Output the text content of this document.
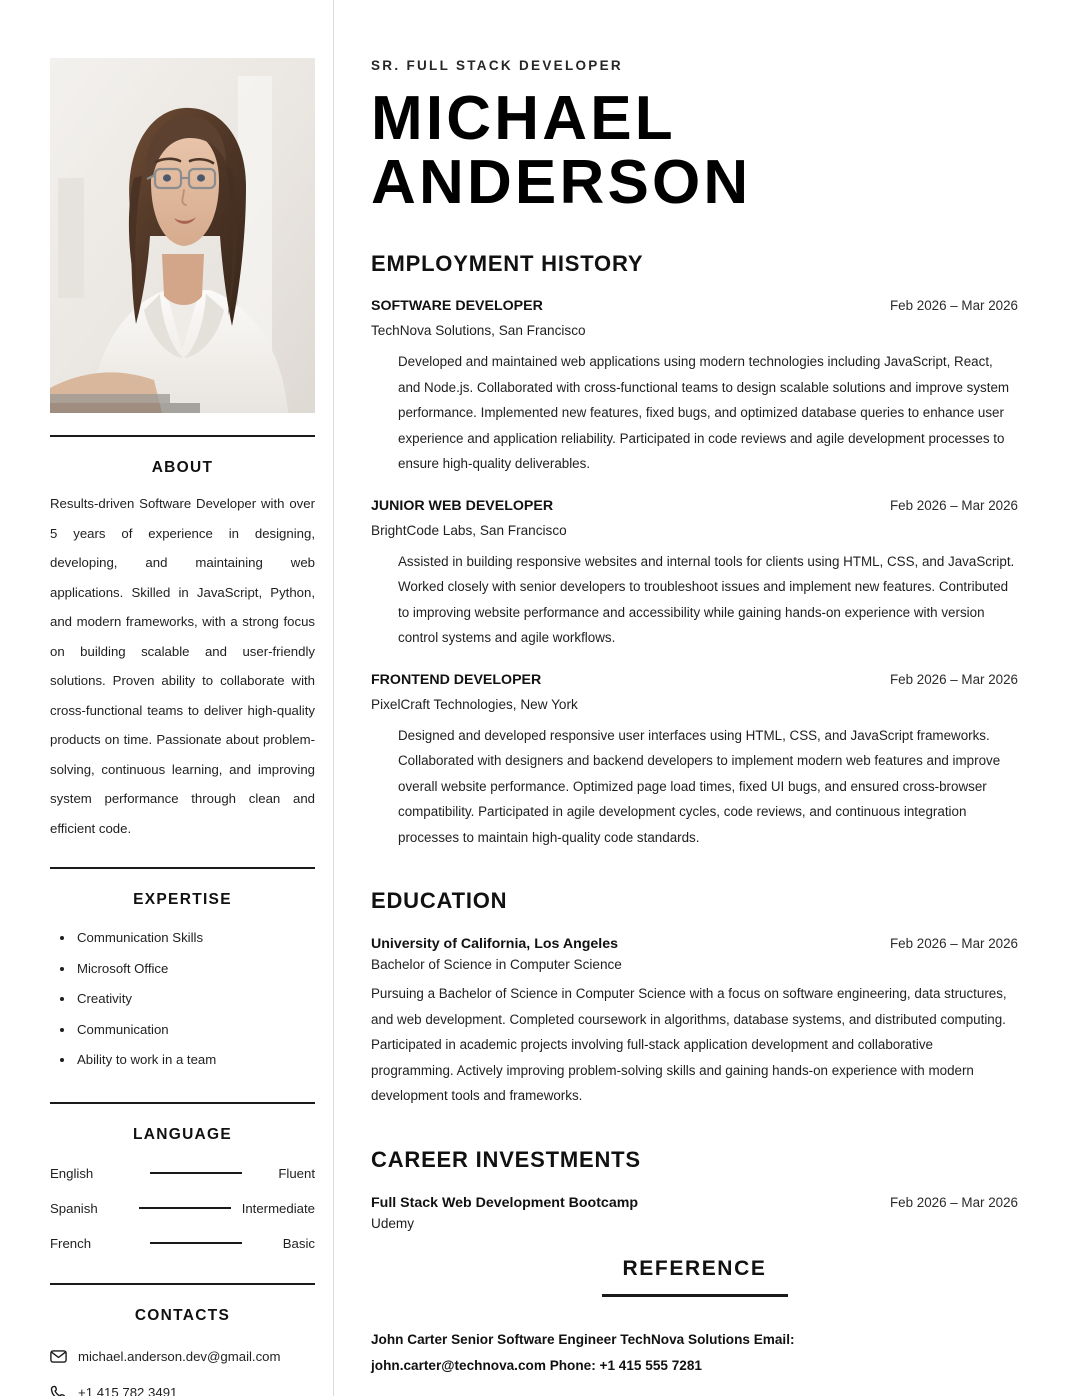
ABOUT
Results-driven Software Developer with over 5 years of experience in designing, developing, and maintaining web applications. Skilled in JavaScript, Python, and modern frameworks, with a strong focus on building scalable and user-friendly solutions. Proven ability to collaborate with cross-functional teams to deliver high-quality products on time. Passionate about problem-solving, continuous learning, and improving system performance through clean and efficient code.
EXPERTISE
Communication Skills
Microsoft Office
Creativity
Communication
Ability to work in a team
LANGUAGE
English	Fluent
Spanish	Intermediate
French	Basic
CONTACTS
michael.anderson.dev@gmail.com
+1 415 782 3491
SR. FULL STACK DEVELOPER
MICHAEL
ANDERSON
EMPLOYMENT HISTORY
SOFTWARE DEVELOPER	Feb 2026 – Mar 2026
TechNova Solutions, San Francisco
Developed and maintained web applications using modern technologies including JavaScript, React, and Node.js. Collaborated with cross-functional teams to design scalable solutions and improve system performance. Implemented new features, fixed bugs, and optimized database queries to enhance user experience and application reliability. Participated in code reviews and agile development processes to ensure high-quality deliverables.
JUNIOR WEB DEVELOPER	Feb 2026 – Mar 2026
BrightCode Labs, San Francisco
Assisted in building responsive websites and internal tools for clients using HTML, CSS, and JavaScript. Worked closely with senior developers to troubleshoot issues and implement new features. Contributed to improving website performance and accessibility while gaining hands-on experience with version control systems and agile workflows.
FRONTEND DEVELOPER	Feb 2026 – Mar 2026
PixelCraft Technologies, New York
Designed and developed responsive user interfaces using HTML, CSS, and JavaScript frameworks. Collaborated with designers and backend developers to implement modern web features and improve overall website performance. Optimized page load times, fixed UI bugs, and ensured cross-browser compatibility. Participated in agile development cycles, code reviews, and continuous integration processes to maintain high-quality code standards.
EDUCATION
University of California, Los Angeles	Feb 2026 – Mar 2026
Bachelor of Science in Computer Science
Pursuing a Bachelor of Science in Computer Science with a focus on software engineering, data structures, and web development. Completed coursework in algorithms, database systems, and distributed computing. Participated in academic projects involving full-stack application development and collaborative programming. Actively improving problem-solving skills and gaining hands-on experience with modern development tools and frameworks.
CAREER INVESTMENTS
Full Stack Web Development Bootcamp	Feb 2026 – Mar 2026
Udemy
REFERENCE
John Carter Senior Software Engineer TechNova Solutions Email:
john.carter@technova.com Phone: +1 415 555 7281
